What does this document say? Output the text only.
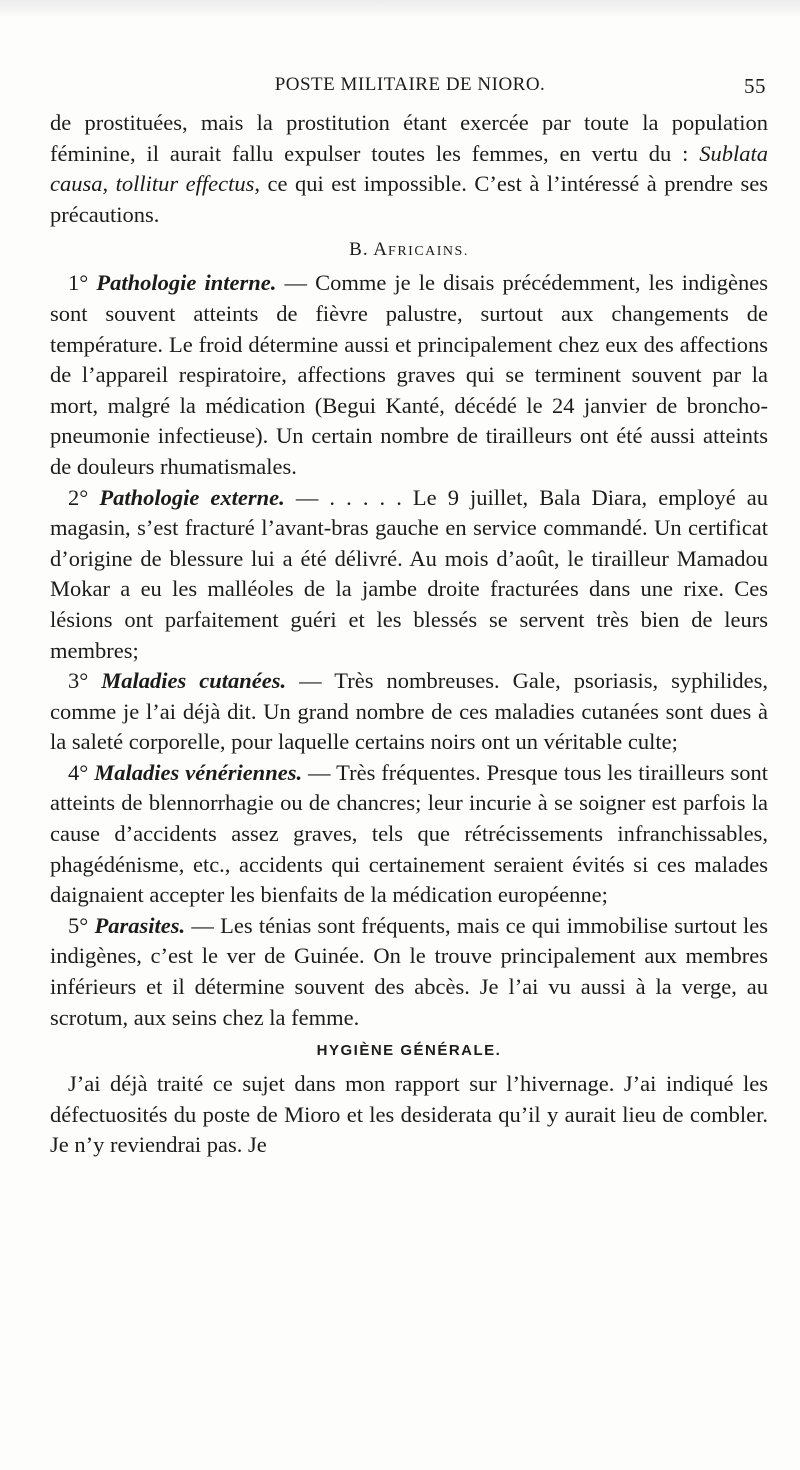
POSTE MILITAIRE DE NIORO.	55

de prostituées, mais la prostitution étant exercée par toute la population féminine, il aurait fallu expulser toutes les femmes, en vertu du : Sublata causa, tollitur effectus, ce qui est impossible. C’est à l’intéressé à prendre ses précautions.

B. AFRICAINS.

1° Pathologie interne. — Comme je le disais précédemment, les indigènes sont souvent atteints de fièvre palustre, surtout aux changements de température. Le froid détermine aussi et principalement chez eux des affections de l’appareil respiratoire, affections graves qui se terminent souvent par la mort, malgré la médication (Begui Kanté, décédé le 24 janvier de broncho-pneumonie infectieuse). Un certain nombre de tirailleurs ont été aussi atteints de douleurs rhumatismales.

2° Pathologie externe. — . . . . . Le 9 juillet, Bala Diara, employé au magasin, s’est fracturé l’avant-bras gauche en service commandé. Un certificat d’origine de blessure lui a été délivré. Au mois d’août, le tirailleur Mamadou Mokar a eu les malléoles de la jambe droite fracturées dans une rixe. Ces lésions ont parfaitement guéri et les blessés se servent très bien de leurs membres;

3° Maladies cutanées. — Très nombreuses. Gale, psoriasis, syphilides, comme je l’ai déjà dit. Un grand nombre de ces maladies cutanées sont dues à la saleté corporelle, pour laquelle certains noirs ont un véritable culte;

4° Maladies vénériennes. — Très fréquentes. Presque tous les tirailleurs sont atteints de blennorrhagie ou de chancres; leur incurie à se soigner est parfois la cause d’accidents assez graves, tels que rétrécissements infranchissables, phagédénisme, etc., accidents qui certainement seraient évités si ces malades daignaient accepter les bienfaits de la médication européenne;

5° Parasites. — Les ténias sont fréquents, mais ce qui immobilise surtout les indigènes, c’est le ver de Guinée. On le trouve principalement aux membres inférieurs et il détermine souvent des abcès. Je l’ai vu aussi à la verge, au scrotum, aux seins chez la femme.

HYGIÈNE GÉNÉRALE.

J’ai déjà traité ce sujet dans mon rapport sur l’hivernage. J’ai indiqué les défectuosités du poste de Mioro et les desiderata qu’il y aurait lieu de combler. Je n’y reviendrai pas. Je
